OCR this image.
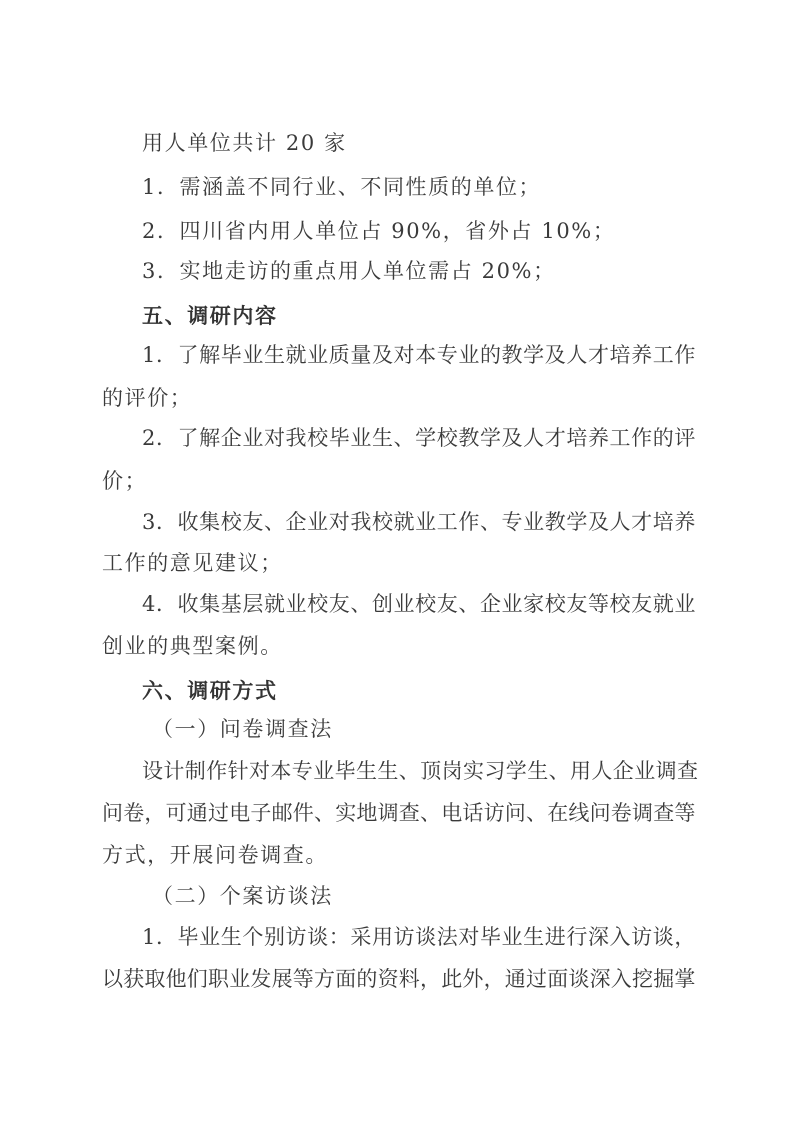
用人单位共计 20 家
1．需涵盖不同行业、不同性质的单位；
2．四川省内用人单位占 90%，省外占 10%；
3．实地走访的重点用人单位需占 20%；
五、调研内容
1．了解毕业生就业质量及对本专业的教学及人才培养工作
的评价；
2．了解企业对我校毕业生、学校教学及人才培养工作的评
价；
3．收集校友、企业对我校就业工作、专业教学及人才培养
工作的意见建议；
4．收集基层就业校友、创业校友、企业家校友等校友就业
创业的典型案例。
六、调研方式
（一）问卷调查法
设计制作针对本专业毕生生、顶岗实习学生、用人企业调查
问卷，可通过电子邮件、实地调查、电话访问、在线问卷调查等
方式，开展问卷调查。
（二）个案访谈法
1．毕业生个别访谈：采用访谈法对毕业生进行深入访谈，
以获取他们职业发展等方面的资料，此外，通过面谈深入挖掘掌
